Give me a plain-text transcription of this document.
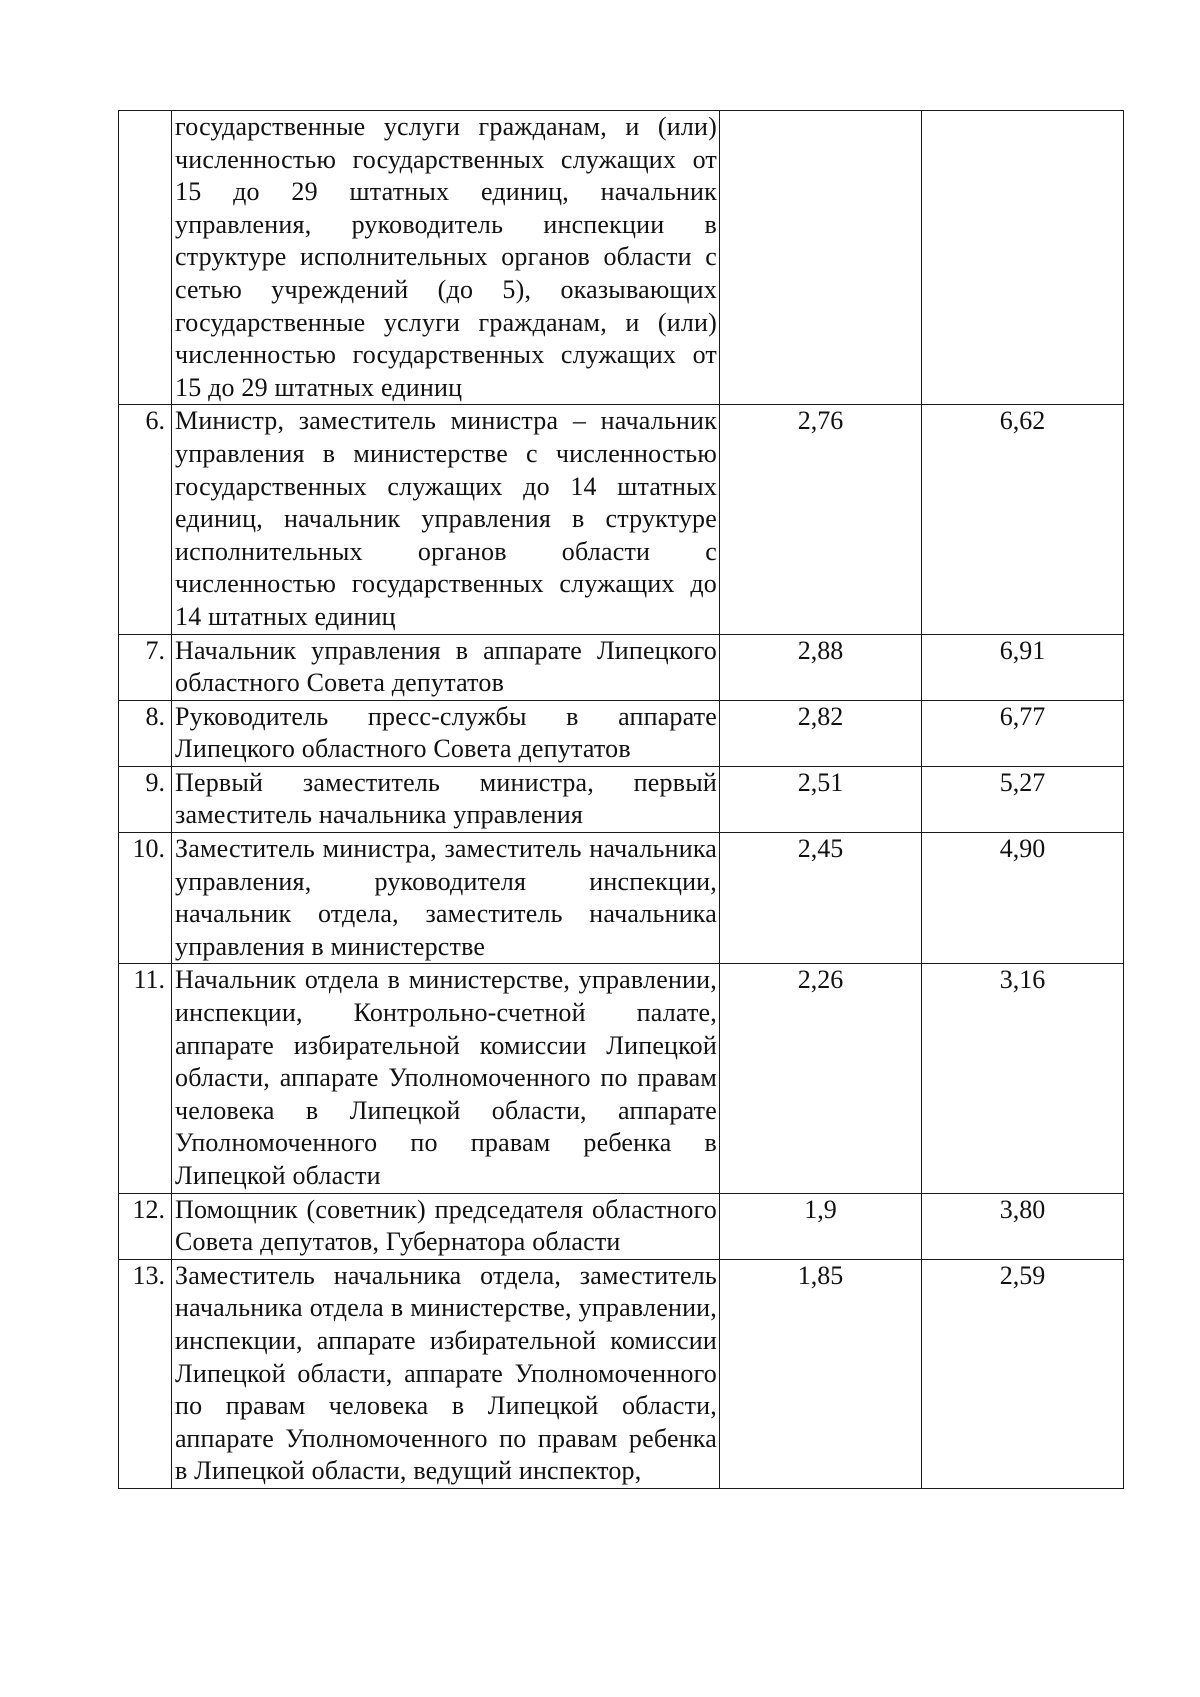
	государственные услуги гражданам, и (или) численностью государственных служащих от 15 до 29 штатных единиц, начальник управления, руководитель инспекции в структуре исполнительных органов области с сетью учреждений (до 5), оказывающих государственные услуги гражданам, и (или) численностью государственных служащих от 15 до 29 штатных единиц		
6.	Министр, заместитель министра – начальник управления в министерстве с численностью государственных служащих до 14 штатных единиц, начальник управления в структуре исполнительных органов области с численностью государственных служащих до 14 штатных единиц	2,76	6,62
7.	Начальник управления в аппарате Липецкого областного Совета депутатов	2,88	6,91
8.	Руководитель пресс-службы в аппарате Липецкого областного Совета депутатов	2,82	6,77
9.	Первый заместитель министра, первый заместитель начальника управления	2,51	5,27
10.	Заместитель министра, заместитель начальника управления, руководителя инспекции, начальник отдела, заместитель начальника управления в министерстве	2,45	4,90
11.	Начальник отдела в министерстве, управлении, инспекции, Контрольно-счетной палате, аппарате избирательной комиссии Липецкой области, аппарате Уполномоченного по правам человека в Липецкой области, аппарате Уполномоченного по правам ребенка в Липецкой области	2,26	3,16
12.	Помощник (советник) председателя областного Совета депутатов, Губернатора области	1,9	3,80
13.	Заместитель начальника отдела, заместитель начальника отдела в министерстве, управлении, инспекции, аппарате избирательной комиссии Липецкой области, аппарате Уполномоченного по правам человека в Липецкой области, аппарате Уполномоченного по правам ребенка в Липецкой области, ведущий инспектор,	1,85	2,59
